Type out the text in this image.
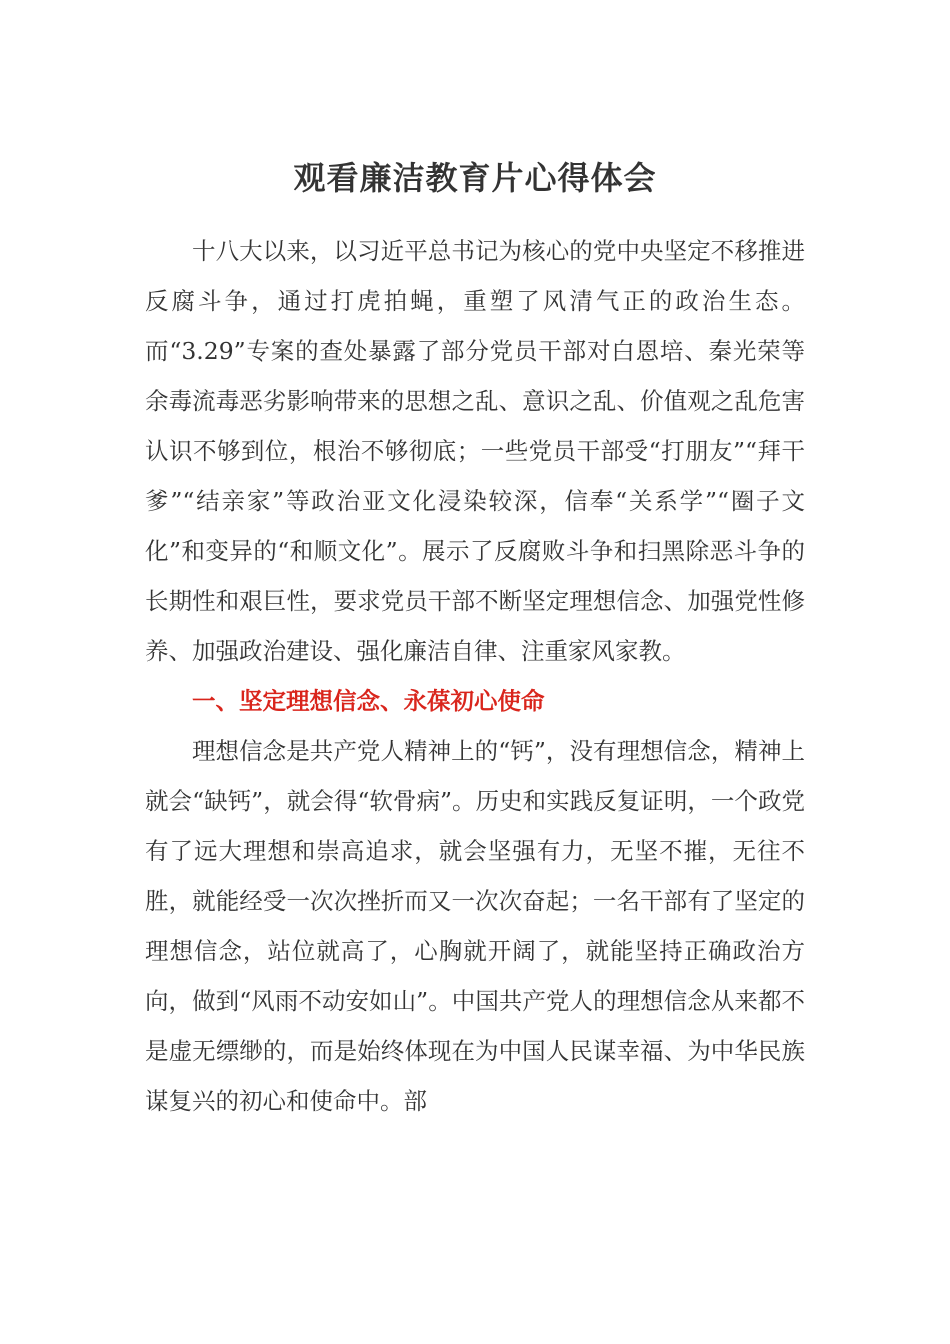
观看廉洁教育片心得体会

十八大以来，以习近平总书记为核心的党中央坚定不移推进反腐斗争，通过打虎拍蝇，重塑了风清气正的政治生态。而“3.29”专案的查处暴露了部分党员干部对白恩培、秦光荣等余毒流毒恶劣影响带来的思想之乱、意识之乱、价值观之乱危害认识不够到位，根治不够彻底；一些党员干部受“打朋友”“拜干爹”“结亲家”等政治亚文化浸染较深，信奉“关系学”“圈子文化”和变异的“和顺文化”。展示了反腐败斗争和扫黑除恶斗争的长期性和艰巨性，要求党员干部不断坚定理想信念、加强党性修养、加强政治建设、强化廉洁自律、注重家风家教。

一、坚定理想信念、永葆初心使命

理想信念是共产党人精神上的“钙”，没有理想信念，精神上就会“缺钙”，就会得“软骨病”。历史和实践反复证明，一个政党有了远大理想和崇高追求，就会坚强有力，无坚不摧，无往不胜，就能经受一次次挫折而又一次次奋起；一名干部有了坚定的理想信念，站位就高了，心胸就开阔了，就能坚持正确政治方向，做到“风雨不动安如山”。中国共产党人的理想信念从来都不是虚无缥缈的，而是始终体现在为中国人民谋幸福、为中华民族谋复兴的初心和使命中。部
